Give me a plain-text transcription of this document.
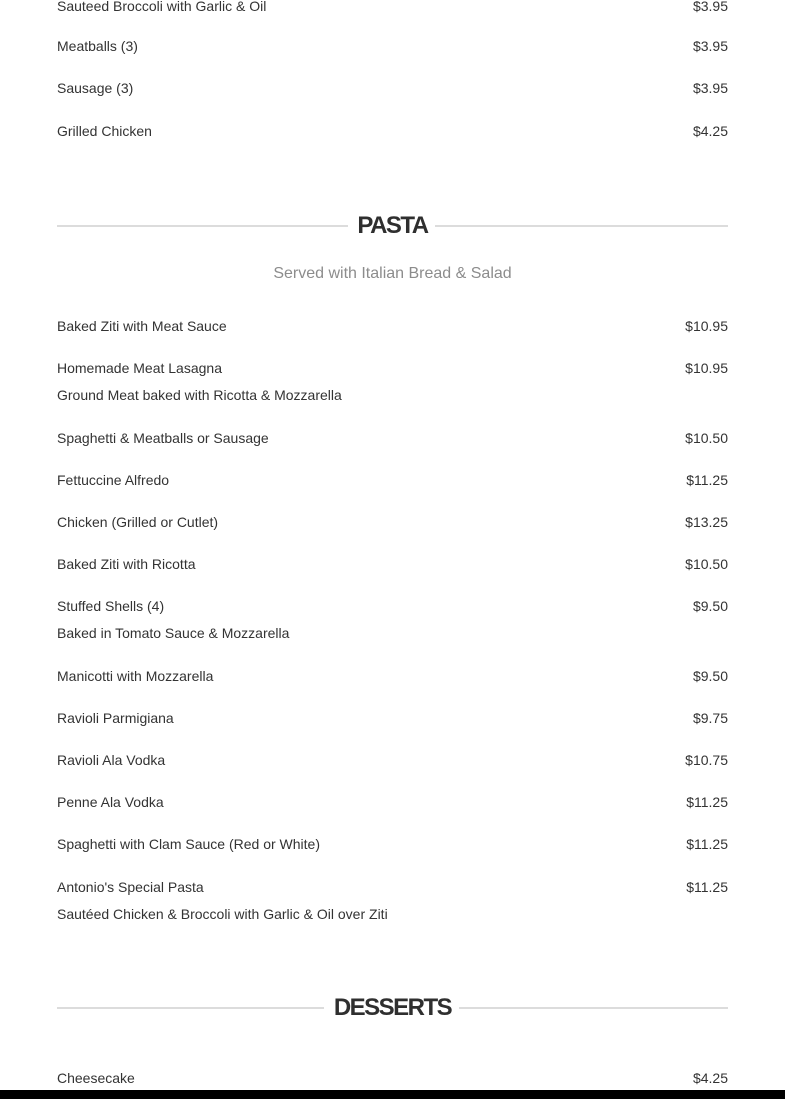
Sauteed Broccoli with Garlic & Oil	$3.95
Meatballs (3)	$3.95
Sausage (3)	$3.95
Grilled Chicken	$4.25
PASTA
Served with Italian Bread & Salad
Baked Ziti with Meat Sauce	$10.95
Homemade Meat Lasagna	$10.95
Ground Meat baked with Ricotta & Mozzarella
Spaghetti & Meatballs or Sausage	$10.50
Fettuccine Alfredo	$11.25
Chicken (Grilled or Cutlet)	$13.25
Baked Ziti with Ricotta	$10.50
Stuffed Shells (4)	$9.50
Baked in Tomato Sauce & Mozzarella
Manicotti with Mozzarella	$9.50
Ravioli Parmigiana	$9.75
Ravioli Ala Vodka	$10.75
Penne Ala Vodka	$11.25
Spaghetti with Clam Sauce (Red or White)	$11.25
Antonio's Special Pasta	$11.25
Sautéed Chicken & Broccoli with Garlic & Oil over Ziti
DESSERTS
Cheesecake	$4.25
